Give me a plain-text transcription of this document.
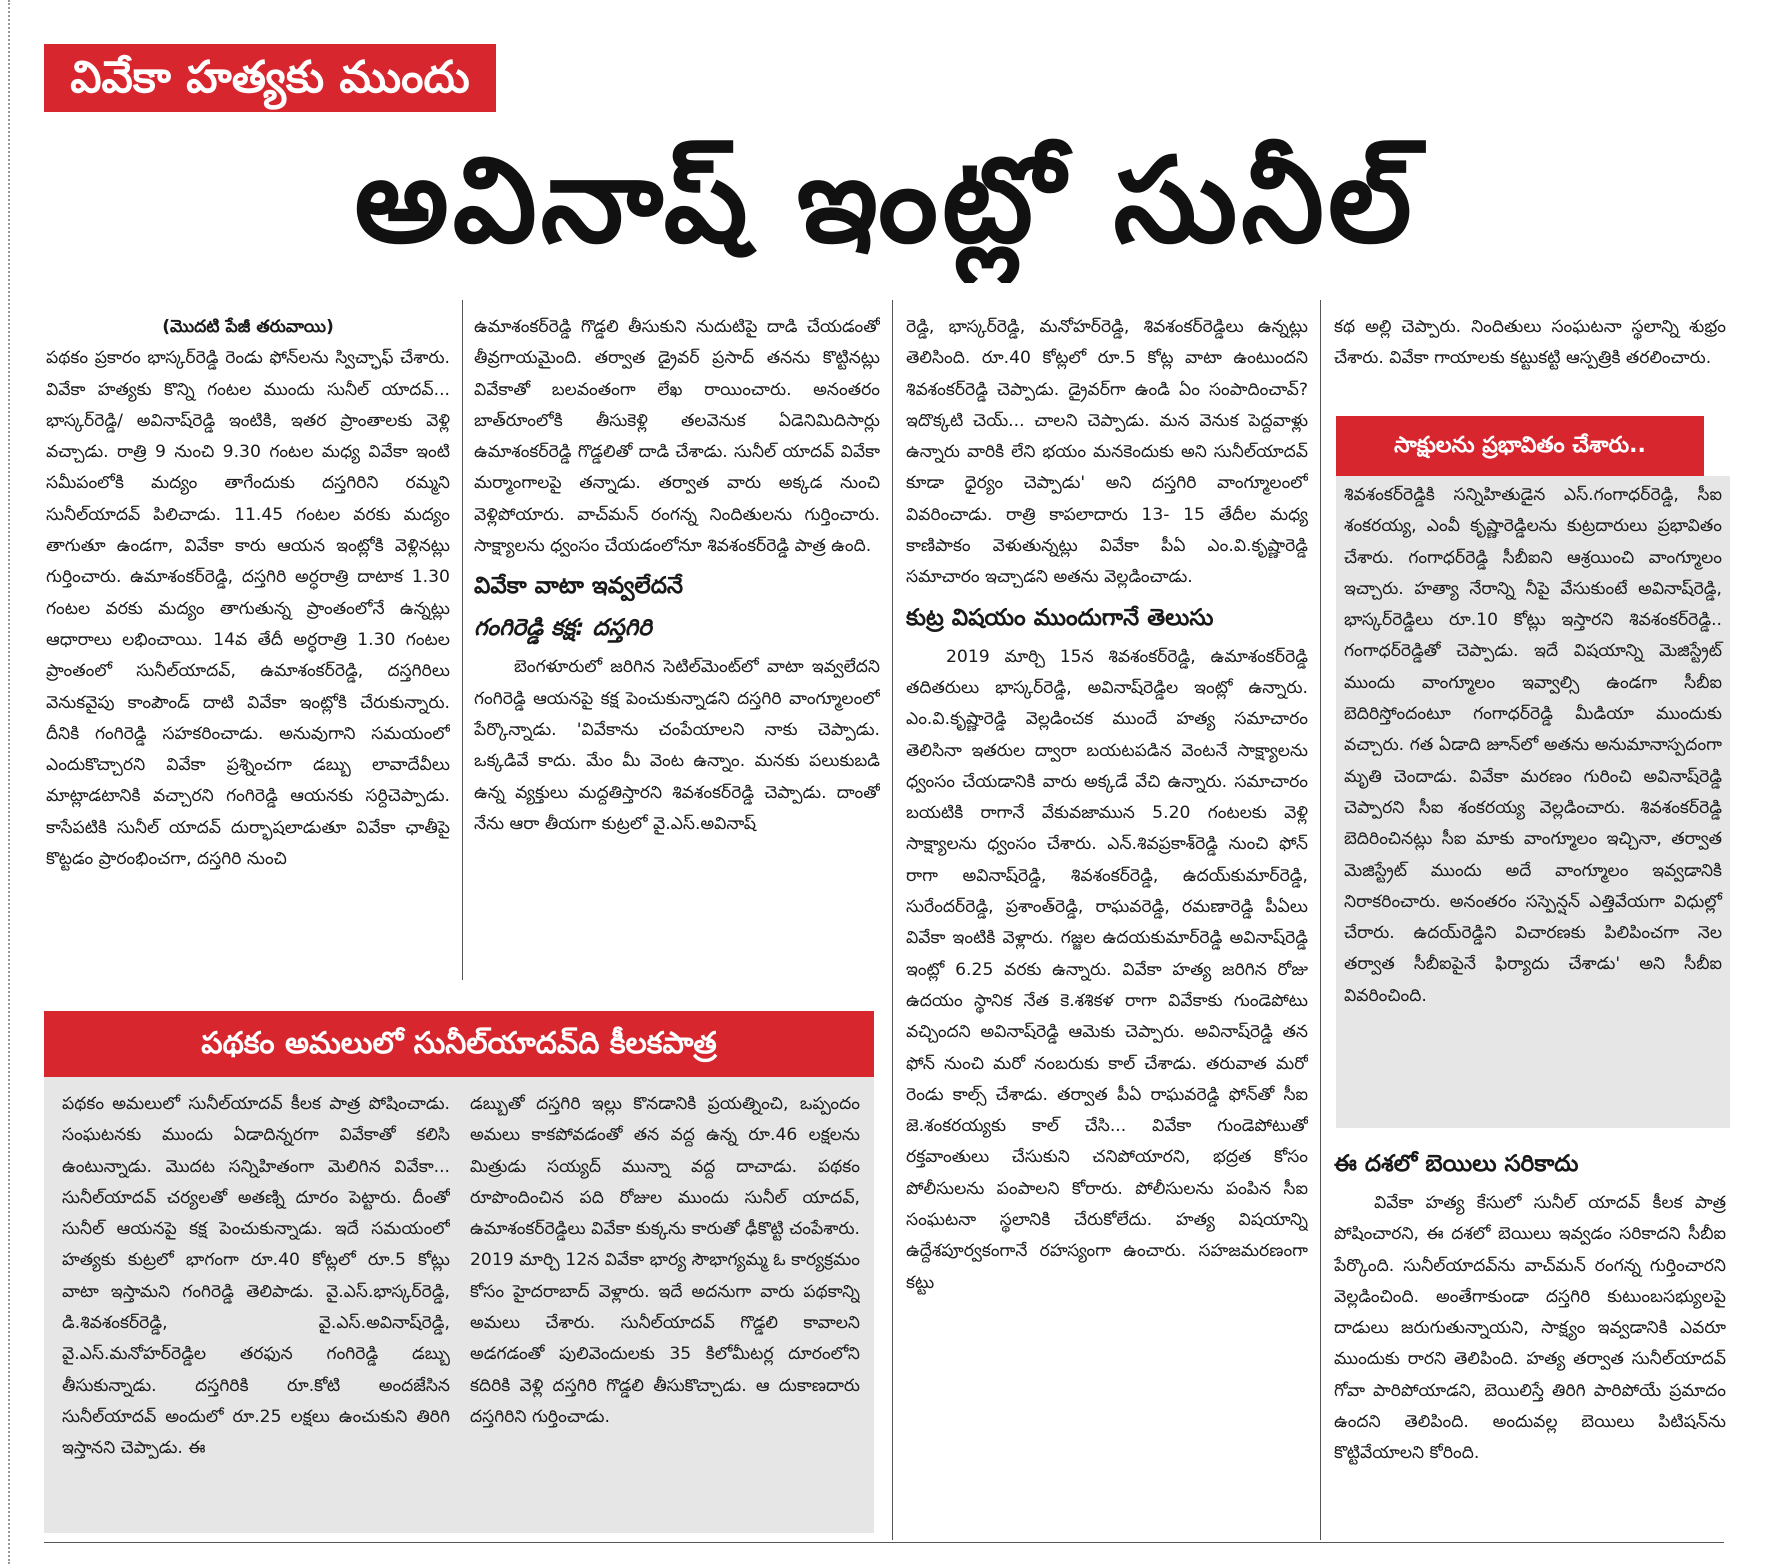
వివేకా హత్యకు ముందు
అవినాష్ ఇంట్లో సునీల్

(మొదటి పేజీ తరువాయి)

పథకం ప్రకారం భాస్కర్‌రెడ్డి రెండు ఫోన్‌లను స్విచ్ఛాఫ్ చేశారు. వివేకా హత్యకు కొన్ని గంటల ముందు సునీల్ యాదవ్... భాస్కర్‌రెడ్డి/ అవినాష్‌రెడ్డి ఇంటికి, ఇతర ప్రాంతాలకు వెళ్లి వచ్చాడు. రాత్రి 9 నుంచి 9.30 గంటల మధ్య వివేకా ఇంటి సమీపంలోకి మద్యం తాగేందుకు దస్తగిరిని రమ్మని సునీల్‌యాదవ్ పిలిచాడు. 11.45 గంటల వరకు మద్యం తాగుతూ ఉండగా, వివేకా కారు ఆయన ఇంట్లోకి వెళ్లినట్లు గుర్తించారు. ఉమాశంకర్‌రెడ్డి, దస్తగిరి అర్ధరాత్రి దాటాక 1.30 గంటల వరకు మద్యం తాగుతున్న ప్రాంతంలోనే ఉన్నట్లు ఆధారాలు లభించాయి. 14వ తేదీ అర్ధరాత్రి 1.30 గంటల ప్రాంతంలో సునీల్‌యాదవ్, ఉమాశంకర్‌రెడ్డి, దస్తగిరిలు వెనుకవైపు కాంపౌండ్ దాటి వివేకా ఇంట్లోకి చేరుకున్నారు. దీనికి గంగిరెడ్డి సహకరించాడు. అనువుగాని సమయంలో ఎందుకొచ్చారని వివేకా ప్రశ్నించగా డబ్బు లావాదేవీలు మాట్లాడటానికి వచ్చారని గంగిరెడ్డి ఆయనకు సర్దిచెప్పాడు. కాసేపటికి సునీల్ యాదవ్ దుర్భాషలాడుతూ వివేకా ఛాతీపై కొట్టడం ప్రారంభించగా, దస్తగిరి నుంచి

ఉమాశంకర్‌రెడ్డి గొడ్డలి తీసుకుని నుదుటిపై దాడి చేయడంతో తీవ్రగాయమైంది. తర్వాత డ్రైవర్ ప్రసాద్ తనను కొట్టినట్లు వివేకాతో బలవంతంగా లేఖ రాయించారు. అనంతరం బాత్‌రూంలోకి తీసుకెళ్లి తలవెనుక ఏడెనిమిదిసార్లు ఉమాశంకర్‌రెడ్డి గొడ్డలితో దాడి చేశాడు. సునీల్ యాదవ్ వివేకా మర్మాంగాలపై తన్నాడు. తర్వాత వారు అక్కడ నుంచి వెళ్లిపోయారు. వాచ్‌మన్ రంగన్న నిందితులను గుర్తించారు. సాక్ష్యాలను ధ్వంసం చేయడంలోనూ శివశంకర్‌రెడ్డి పాత్ర ఉంది.

వివేకా వాటా ఇవ్వలేదనే
గంగిరెడ్డి కక్ష: దస్తగిరి

బెంగళూరులో జరిగిన సెటిల్‌మెంట్‌లో వాటా ఇవ్వలేదని గంగిరెడ్డి ఆయనపై కక్ష పెంచుకున్నాడని దస్తగిరి వాంగ్మూలంలో పేర్కొన్నాడు. 'వివేకాను చంపేయాలని నాకు చెప్పాడు. ఒక్కడివే కాదు. మేం మీ వెంట ఉన్నాం. మనకు పలుకుబడి ఉన్న వ్యక్తులు మద్దతిస్తారని శివశంకర్‌రెడ్డి చెప్పాడు. దాంతో నేను ఆరా తీయగా కుట్రలో వై.ఎస్.అవినాష్

రెడ్డి, భాస్కర్‌రెడ్డి, మనోహర్‌రెడ్డి, శివశంకర్‌రెడ్డిలు ఉన్నట్లు తెలిసింది. రూ.40 కోట్లలో రూ.5 కోట్ల వాటా ఉంటుందని శివశంకర్‌రెడ్డి చెప్పాడు. డ్రైవర్‌గా ఉండి ఏం సంపాదించావ్? ఇదొక్కటి చెయ్... చాలని చెప్పాడు. మన వెనుక పెద్దవాళ్లు ఉన్నారు వారికి లేని భయం మనకెందుకు అని సునీల్‌యాదవ్ కూడా ధైర్యం చెప్పాడు' అని దస్తగిరి వాంగ్మూలంలో వివరించాడు. రాత్రి కాపలాదారు 13- 15 తేదీల మధ్య కాణిపాకం వెళుతున్నట్లు వివేకా పీఏ ఎం.వి.కృష్ణారెడ్డి సమాచారం ఇచ్చాడని అతను వెల్లడించాడు.

కుట్ర విషయం ముందుగానే తెలుసు

2019 మార్చి 15న శివశంకర్‌రెడ్డి, ఉమాశంకర్‌రెడ్డి తదితరులు భాస్కర్‌రెడ్డి, అవినాష్‌రెడ్డిల ఇంట్లో ఉన్నారు. ఎం.వి.కృష్ణారెడ్డి వెల్లడించక ముందే హత్య సమాచారం తెలిసినా ఇతరుల ద్వారా బయటపడిన వెంటనే సాక్ష్యాలను ధ్వంసం చేయడానికి వారు అక్కడే వేచి ఉన్నారు. సమాచారం బయటికి రాగానే వేకువజామున 5.20 గంటలకు వెళ్లి సాక్ష్యాలను ధ్వంసం చేశారు. ఎన్.శివప్రకాశ్‌రెడ్డి నుంచి ఫోన్ రాగా అవినాష్‌రెడ్డి, శివశంకర్‌రెడ్డి, ఉదయ్‌కుమార్‌రెడ్డి, సురేందర్‌రెడ్డి, ప్రశాంత్‌రెడ్డి, రాఘవరెడ్డి, రమణారెడ్డి పీఏలు వివేకా ఇంటికి వెళ్లారు. గజ్జల ఉదయకుమార్‌రెడ్డి అవినాష్‌రెడ్డి ఇంట్లో 6.25 వరకు ఉన్నారు. వివేకా హత్య జరిగిన రోజు ఉదయం స్థానిక నేత కె.శశికళ రాగా వివేకాకు గుండెపోటు వచ్చిందని అవినాష్‌రెడ్డి ఆమెకు చెప్పారు. అవినాష్‌రెడ్డి తన ఫోన్ నుంచి మరో నంబరుకు కాల్ చేశాడు. తరువాత మరో రెండు కాల్స్ చేశాడు. తర్వాత పీఏ రాఘవరెడ్డి ఫోన్‌తో సీఐ జె.శంకరయ్యకు కాల్ చేసి... వివేకా గుండెపోటుతో రక్తవాంతులు చేసుకుని చనిపోయారని, భద్రత కోసం పోలీసులను పంపాలని కోరారు. పోలీసులను పంపిన సీఐ సంఘటనా స్థలానికి చేరుకోలేదు. హత్య విషయాన్ని ఉద్దేశపూర్వకంగానే రహస్యంగా ఉంచారు. సహజమరణంగా కట్టు

కథ అల్లి చెప్పారు. నిందితులు సంఘటనా స్థలాన్ని శుభ్రం చేశారు. వివేకా గాయాలకు కట్టుకట్టి ఆస్పత్రికి తరలించారు.

సాక్షులను ప్రభావితం చేశారు..

శివశంకర్‌రెడ్డికి సన్నిహితుడైన ఎస్.గంగాధర్‌రెడ్డి, సీఐ శంకరయ్య, ఎంవీ కృష్ణారెడ్డిలను కుట్రదారులు ప్రభావితం చేశారు. గంగాధర్‌రెడ్డి సీబీఐని ఆశ్రయించి వాంగ్మూలం ఇచ్చారు. హత్యా నేరాన్ని నీపై వేసుకుంటే అవినాష్‌రెడ్డి, భాస్కర్‌రెడ్డిలు రూ.10 కోట్లు ఇస్తారని శివశంకర్‌రెడ్డి.. గంగాధర్‌రెడ్డితో చెప్పాడు. ఇదే విషయాన్ని మెజిస్ట్రేట్ ముందు వాంగ్మూలం ఇవ్వాల్సి ఉండగా సీబీఐ బెదిరిస్తోందంటూ గంగాధర్‌రెడ్డి మీడియా ముందుకు వచ్చారు. గత ఏడాది జూన్‌లో అతను అనుమానాస్పదంగా మృతి చెందాడు. వివేకా మరణం గురించి అవినాష్‌రెడ్డి చెప్పారని సీఐ శంకరయ్య వెల్లడించారు. శివశంకర్‌రెడ్డి బెదిరించినట్లు సీఐ మాకు వాంగ్మూలం ఇచ్చినా, తర్వాత మెజిస్ట్రేట్ ముందు అదే వాంగ్మూలం ఇవ్వడానికి నిరాకరించారు. అనంతరం సస్పెన్షన్ ఎత్తివేయగా విధుల్లో చేరారు. ఉదయ్‌రెడ్డిని విచారణకు పిలిపించగా నెల తర్వాత సీబీఐపైనే ఫిర్యాదు చేశాడు' అని సీబీఐ వివరించింది.

ఈ దశలో బెయిలు సరికాదు

వివేకా హత్య కేసులో సునీల్ యాదవ్ కీలక పాత్ర పోషించారని, ఈ దశలో బెయిలు ఇవ్వడం సరికాదని సీబీఐ పేర్కొంది. సునీల్‌యాదవ్‌ను వాచ్‌మన్ రంగన్న గుర్తించారని వెల్లడించింది. అంతేగాకుండా దస్తగిరి కుటుంబసభ్యులపై దాడులు జరుగుతున్నాయని, సాక్ష్యం ఇవ్వడానికి ఎవరూ ముందుకు రారని తెలిపింది. హత్య తర్వాత సునీల్‌యాదవ్ గోవా పారిపోయాడని, బెయిలిస్తే తిరిగి పారిపోయే ప్రమాదం ఉందని తెలిపింది. అందువల్ల బెయిలు పిటిషన్‌ను కొట్టివేయాలని కోరింది.

పథకం అమలులో సునీల్‌యాదవ్‌ది కీలకపాత్ర

పథకం అమలులో సునీల్‌యాదవ్ కీలక పాత్ర పోషించాడు. సంఘటనకు ముందు ఏడాదిన్నరగా వివేకాతో కలిసి ఉంటున్నాడు. మొదట సన్నిహితంగా మెలిగిన వివేకా... సునీల్‌యాదవ్ చర్యలతో అతణ్ని దూరం పెట్టారు. దీంతో సునీల్ ఆయనపై కక్ష పెంచుకున్నాడు. ఇదే సమయంలో హత్యకు కుట్రలో భాగంగా రూ.40 కోట్లలో రూ.5 కోట్లు వాటా ఇస్తామని గంగిరెడ్డి తెలిపాడు. వై.ఎస్.భాస్కర్‌రెడ్డి, డి.శివశంకర్‌రెడ్డి, వై.ఎస్.అవినాష్‌రెడ్డి, వై.ఎస్.మనోహర్‌రెడ్డిల తరఫున గంగిరెడ్డి డబ్బు తీసుకున్నాడు. దస్తగిరికి రూ.కోటి అందజేసిన సునీల్‌యాదవ్ అందులో రూ.25 లక్షలు ఉంచుకుని తిరిగి ఇస్తానని చెప్పాడు. ఈ

డబ్బుతో దస్తగిరి ఇల్లు కొనడానికి ప్రయత్నించి, ఒప్పందం అమలు కాకపోవడంతో తన వద్ద ఉన్న రూ.46 లక్షలను మిత్రుడు సయ్యద్ మున్నా వద్ద దాచాడు. పథకం రూపొందించిన పది రోజుల ముందు సునీల్ యాదవ్, ఉమాశంకర్‌రెడ్డిలు వివేకా కుక్కను కారుతో ఢీకొట్టి చంపేశారు. 2019 మార్చి 12న వివేకా భార్య సౌభాగ్యమ్మ ఓ కార్యక్రమం కోసం హైదరాబాద్ వెళ్లారు. ఇదే అదనుగా వారు పథకాన్ని అమలు చేశారు. సునీల్‌యాదవ్ గొడ్డలి కావాలని అడగడంతో పులివెందులకు 35 కిలోమీటర్ల దూరంలోని కదిరికి వెళ్లి దస్తగిరి గొడ్డలి తీసుకొచ్చాడు. ఆ దుకాణదారు దస్తగిరిని గుర్తించాడు.
